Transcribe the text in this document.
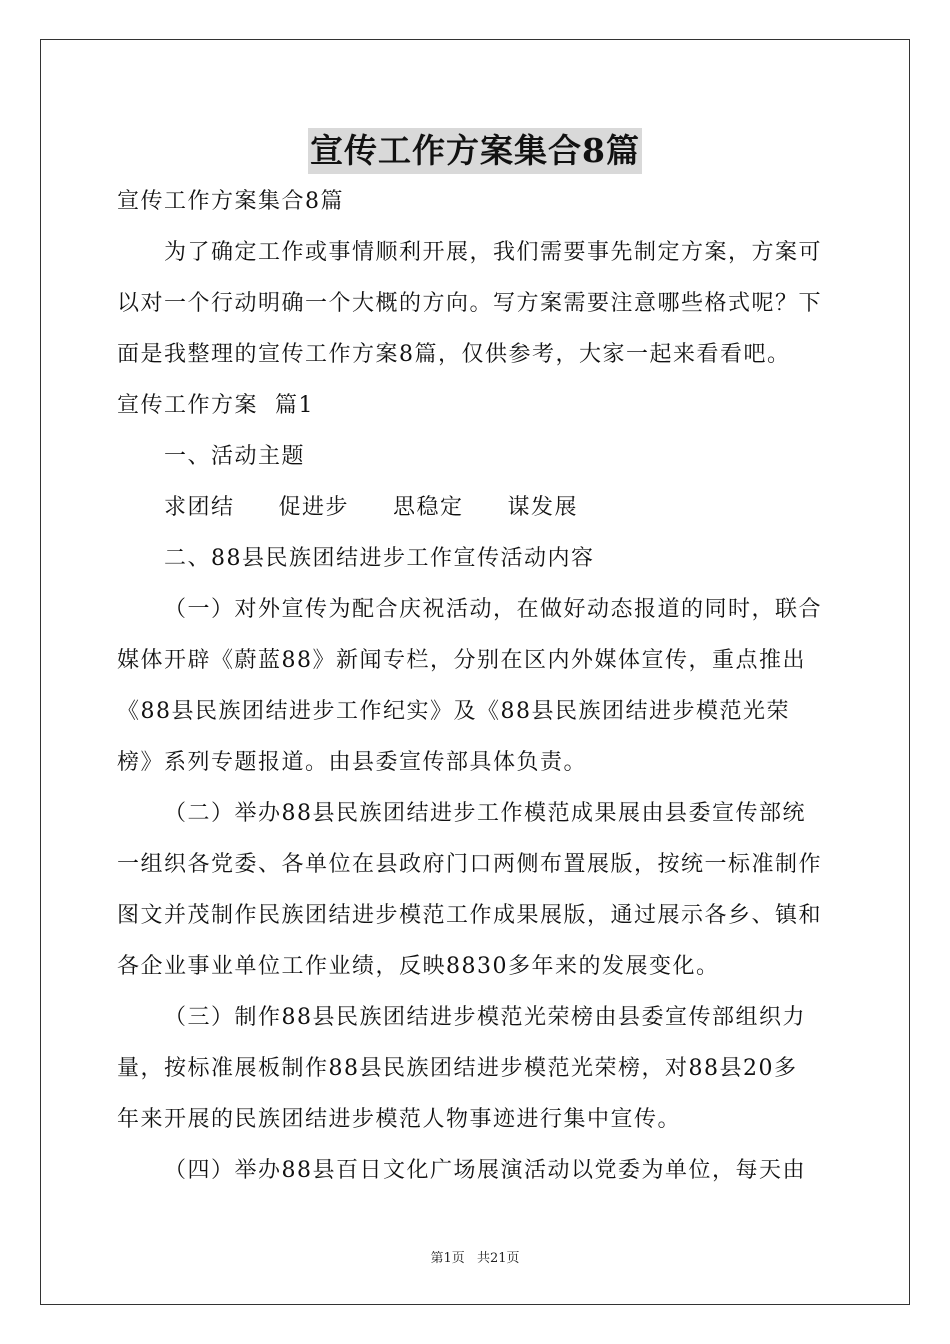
宣传工作方案集合8篇
宣传工作方案集合8篇
为了确定工作或事情顺利开展，我们需要事先制定方案，方案可
以对一个行动明确一个大概的方向。写方案需要注意哪些格式呢？下
面是我整理的宣传工作方案8篇，仅供参考，大家一起来看看吧。
宣传工作方案  篇1
一、活动主题
求团结 促进步 思稳定 谋发展
二、88县民族团结进步工作宣传活动内容
（一）对外宣传为配合庆祝活动，在做好动态报道的同时，联合
媒体开辟《蔚蓝88》新闻专栏，分别在区内外媒体宣传，重点推出
《88县民族团结进步工作纪实》及《88县民族团结进步模范光荣
榜》系列专题报道。由县委宣传部具体负责。
（二）举办88县民族团结进步工作模范成果展由县委宣传部统
一组织各党委、各单位在县政府门口两侧布置展版，按统一标准制作
图文并茂制作民族团结进步模范工作成果展版，通过展示各乡、镇和
各企业事业单位工作业绩，反映8830多年来的发展变化。
（三）制作88县民族团结进步模范光荣榜由县委宣传部组织力
量，按标准展板制作88县民族团结进步模范光荣榜，对88县20多
年来开展的民族团结进步模范人物事迹进行集中宣传。
（四）举办88县百日文化广场展演活动以党委为单位，每天由
第1页 共21页
